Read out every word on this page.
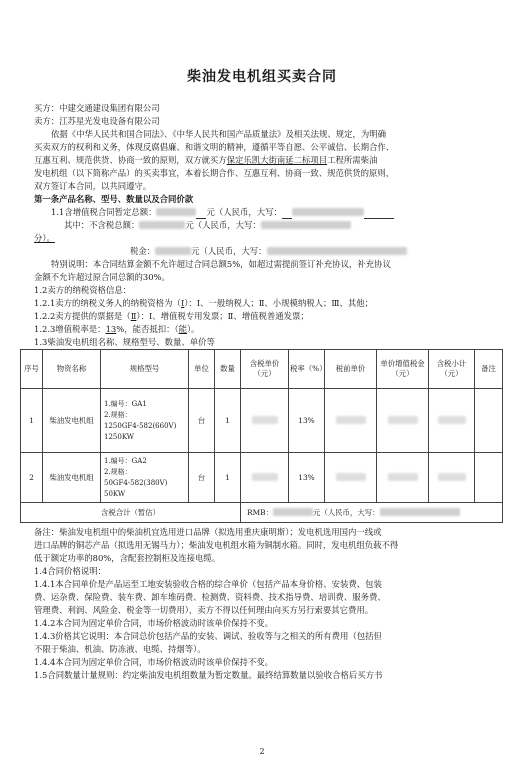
柴油发电机组买卖合同

买方：中建交通建设集团有限公司

卖方：江苏星光发电设备有限公司

依据《中华人民共和国合同法》、《中华人民共和国产品质量法》及相关法规、规定，为明确

买卖双方的权利和义务，体现反腐倡廉、和谐文明的精神，遵循平等自愿、公平诚信、长期合作、

互惠互利、规范供货、协商一致的原则，双方就买方保定乐凯大街南延二标项目工程所需柴油

发电机组（以下简称产品）的买卖事宜，本着长期合作、互惠互利、协商一致、规范供货的原则，

双方签订本合同，以共同遵守。

第一条产品名称、型号、数量以及合同价款

1.1含增值税合同暂定总额：	元（人民币，大写：

其中：不含税总额：	元（人民币，大写：

分）。

税金：	元（人民币，大写：

特别说明：本合同结算金额不允许超过合同总额5%，如超过需提前签订补充协议，补充协议

金额不允许超过原合同总额的30%。

1.2卖方的纳税资格信息：

1.2.1卖方的纳税义务人的纳税资格为（Ⅰ）：Ⅰ、一般纳税人；Ⅱ、小规模纳税人；Ⅲ、其他；

1.2.2卖方提供的票据是（Ⅱ）：Ⅰ、增值税专用发票；Ⅱ、增值税普通发票；

1.2.3增值税率是：13%，能否抵扣：（能）。

1.3柴油发电机组名称、规格型号、数量、单价等

序号	物资名称	规格型号	单位	数量	含税单价（元）	税率（%）	税前单价	单价增值税金（元）	含税小计（元）	备注
1	柴油发电机组	1.编号：GA1
2.规格：
1250GF4-582(660V)
1250KW	台	1		13%				
2	柴油发电机组	1.编号：GA2
2.规格：
50GF4-582(380V) 50KW	台	1		13%				
含税合计（暂估）					RMB： 元（人民币，大写：					

备注：柴油发电机组中的柴油机宜选用进口品牌（拟选用重庆康明斯）；发电机选用国内一线或

进口品牌的铜芯产品（拟选用无锡马力）；柴油发电机组水箱为铜制水箱。同时，发电机组负载不得

低于额定功率的80%，含配套控制柜及连接电缆。

1.4合同价格说明：

1.4.1本合同单价是产品运至工地安装验收合格的综合单价（包括产品本身价格、安装费、包装

费、运杂费、保险费、装车费、卸车堆码费、检测费、资料费、技术指导费、培训费、服务费、

管理费、利润、风险金、税金等一切费用），卖方不得以任何理由向买方另行索要其它费用。

1.4.2本合同为固定单价合同，市场价格波动时该单价保持不变。

1.4.3价格其它说明：本合同总价包括产品的安装、调试、验收等与之相关的所有费用（包括但

不限于柴油、机油、防冻液、电缆、持烟等）。

1.4.4本合同为固定单价合同，市场价格波动时该单价保持不变。

1.5合同数量计量规则：约定柴油发电机组数量为暂定数量。最终结算数量以验收合格后买方书

2
